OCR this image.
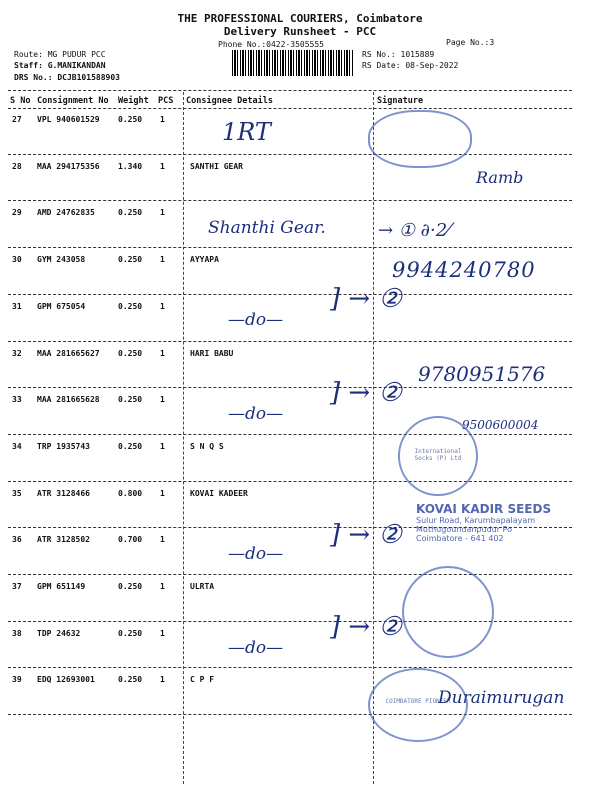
THE PROFESSIONAL COURIERS, Coimbatore
Delivery Runsheet - PCC
Phone No.:0422-3505555	Page No.:3
Route: MG PUDUR PCC
Staff: G.MANIKANDAN
DRS No.: DCJB101588903
RS No.: 1015889
RS Date: 08-Sep-2022
S No Consignment No Weight PCS Consignee Details	Signature
27 VPL 940601529 0.250 1
28 MAA 294175356 1.340 1	SANTHI GEAR
29 AMD 24762835	0.250 1
30 GYM 243058	0.250 1	AYYAPA
31 GPM 675054	0.250 1
32 MAA 281665627 0.250 1	HARI BABU
33 MAA 281665628 0.250 1
34 TRP 1935743	0.250 1	S N Q S
35 ATR 3128466	0.800 1	KOVAI KADEER
36 ATR 3128502	0.700 1
37 GPM 651149	0.250 1	ULRTA
38 TDP 24632	0.250 1
39 EDQ 12693001	0.250 1	C P F
1RT
Ramb
Shanthi Gear.	→ ① ∂·2⁄
9944240780
—do—
] → ②
9780951576
—do—
] → ②
9500600004
—do—
] → ②
—do—
] → ②
Duraimurugan
International Socks (P) Ltd
KOVAI KADIR SEEDS
Sulur Road, Karumbapalayam
Muthugoundanpudur Po
Coimbatore - 641 402
COIMBATORE PIONEER
